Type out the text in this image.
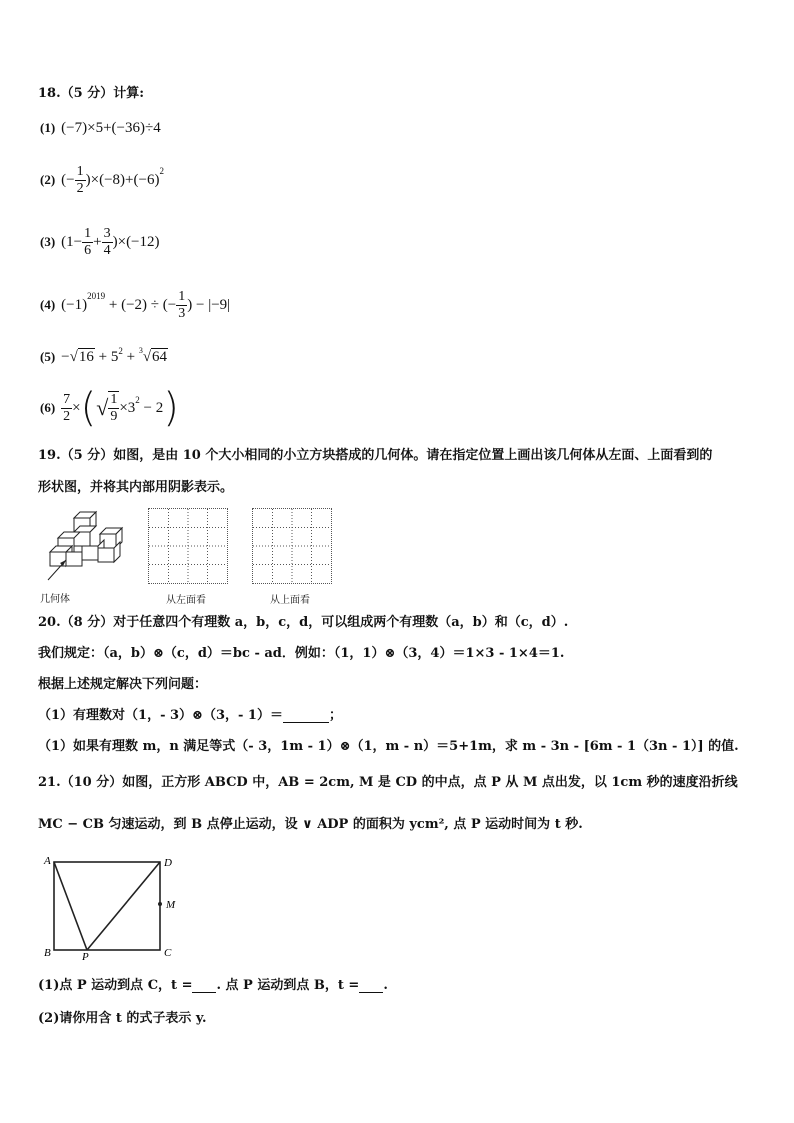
18.（5 分）计算:
(1) (−7)×5+(−36)÷4
(2) (− $\frac{1}{2} )\times(-8)+(-6)$
$^2$
(3) $(1- \frac{1}{6} + \frac{3}{4} )\times(-12)$
(4) (−1)
$^{2019}$
+ (−2) ÷ (− $\frac{1}{3}$ ) − |−9|
(5) − √ $16 + 5^2 + ^3$ √ 64
$(6) \frac{7}{2}$ × ( √ $\frac{1}{9} \times 3^2 - 2$ )
19.（5 分）如图，是由 10 个大小相同的小立方块搭成的几何体。请在指定位置上画出该几何体从左面、上面看到的
形状图，并将其内部用阴影表示。
几何体	从左面看	从上面看
20.（8 分）对于任意四个有理数 a，b，c，d，可以组成两个有理数（a，b）和（c，d）.
我们规定：（a，b）⊗（c，d）＝bc - ad．例如：（1，1）⊗（3，4）＝1×3 - 1×4＝1.
根据上述规定解决下列问题：
（1）有理数对（1，- 3）⊗（3，- 1）＝	；
（1）如果有理数 m，n 满足等式（- 3，1m - 1）⊗（1，m - n）＝5+1m，求 m - 3n - [6m - 1（3n - 1）] 的值.
21.（10 分）如图，正方形 ABCD 中，AB = 2cm, M 是 CD 的中点，点 P 从 M 点出发，以 1cm 秒的速度沿折线
MC − CB 匀速运动，到 B 点停止运动，设 ∨ ADP 的面积为 ycm², 点 P 运动时间为 t 秒.
A	D
M
B	C
P
(1)点 P 运动到点 C，t = . 点 P 运动到点 B，t = .
(2)请你用含 t 的式子表示 y.
